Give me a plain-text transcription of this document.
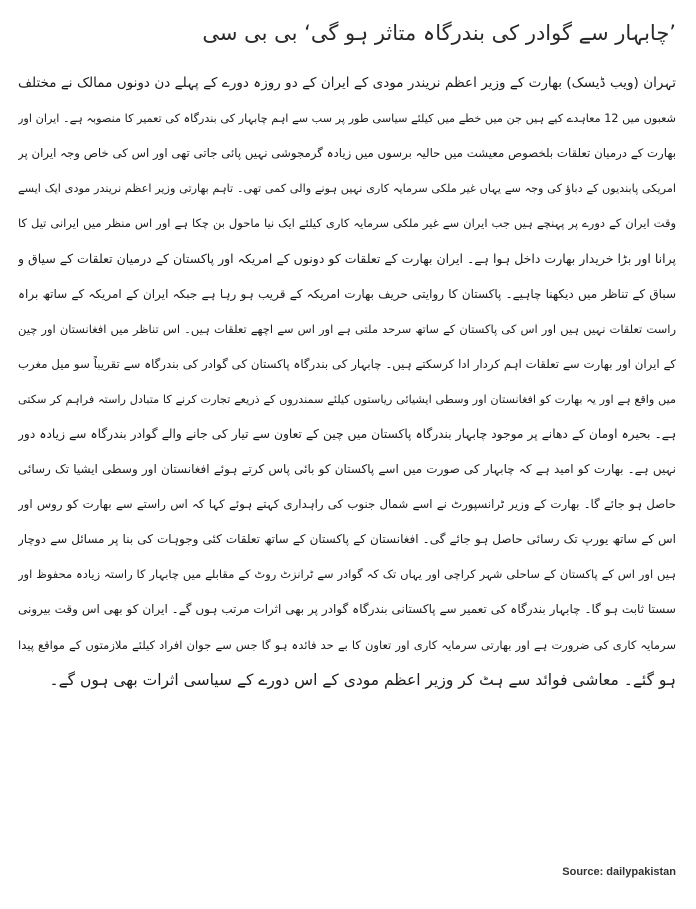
’چابہار سے گوادر کی بندرگاہ متاثر ہو گی‘ بی بی سی
تہران (ویب ڈیسک) بھارت کے وزیر اعظم نریندر مودی کے ایران کے دو روزہ دورے کے پہلے دن دونوں ممالک نے مختلف
شعبوں میں 12 معاہدے کیے ہیں جن میں خطے میں کیلئے سیاسی طور پر سب سے اہم چابہار کی بندرگاہ کی تعمیر کا منصوبہ ہے۔ ایران اور
بھارت کے درمیان تعلقات بلخصوص معیشت میں حالیہ برسوں میں زیادہ گرمجوشی نہیں پائی جاتی تھی اور اس کی خاص وجہ ایران پر
امریکی پابندیوں کے دباؤ کی وجہ سے یہاں غیر ملکی سرمایہ کاری نہیں ہونے والی کمی تھی۔ تاہم بھارتی وزیر اعظم نریندر مودی ایک ایسے
وقت ایران کے دورے پر پہنچے ہیں جب ایران سے غیر ملکی سرمایہ کاری کیلئے ایک نیا ماحول بن چکا ہے اور اس منظر میں ایرانی تیل کا
پرانا اور بڑا خریدار بھارت داخل ہوا ہے۔ ایران بھارت کے تعلقات کو دونوں کے امریکہ اور پاکستان کے درمیان تعلقات کے سیاق و
سباق کے تناظر میں دیکھنا چاہیے۔ پاکستان کا روایتی حریف بھارت امریکہ کے قریب ہو رہا ہے جبکہ ایران کے امریکہ کے ساتھ براہ
راست تعلقات نہیں ہیں اور اس کی پاکستان کے ساتھ سرحد ملتی ہے اور اس سے اچھے تعلقات ہیں۔ اس تناظر میں افغانستان اور چین
کے ایران اور بھارت سے تعلقات اہم کردار ادا کرسکتے ہیں۔ چابہار کی بندرگاہ پاکستان کی گوادر کی بندرگاہ سے تقریباً سو میل مغرب
میں واقع ہے اور یہ بھارت کو افغانستان اور وسطی ایشیائی ریاستوں کیلئے سمندروں کے ذریعے تجارت کرنے کا متبادل راستہ فراہم کر سکتی
ہے۔ بحیرہ اومان کے دھانے پر موجود چابہار بندرگاہ پاکستان میں چین کے تعاون سے تیار کی جانے والے گوادر بندرگاہ سے زیادہ دور
نہیں ہے۔ بھارت کو امید ہے کہ چابہار کی صورت میں اسے پاکستان کو بائی پاس کرتے ہوئے افغانستان اور وسطی ایشیا تک رسائی
حاصل ہو جائے گا۔ بھارت کے وزیر ٹرانسپورٹ نے اسے شمال جنوب کی راہداری کہتے ہوئے کہا کہ اس راستے سے بھارت کو روس اور
اس کے ساتھ یورپ تک رسائی حاصل ہو جائے گی۔ افغانستان کے پاکستان کے ساتھ تعلقات کئی وجوہات کی بنا پر مسائل سے دوچار
ہیں اور اس کے پاکستان کے ساحلی شہر کراچی اور یہاں تک کہ گوادر سے ٹرانزٹ روٹ کے مقابلے میں چابہار کا راستہ زیادہ محفوظ اور
سستا ثابت ہو گا۔ چابہار بندرگاہ کی تعمیر سے پاکستانی بندرگاہ گوادر پر بھی اثرات مرتب ہوں گے۔ ایران کو بھی اس وقت بیرونی
سرمایہ کاری کی ضرورت ہے اور بھارتی سرمایہ کاری اور تعاون کا بے حد فائدہ ہو گا جس سے جوان افراد کیلئے ملازمتوں کے مواقع پیدا
ہو گئے۔ معاشی فوائد سے ہٹ کر وزیر اعظم مودی کے اس دورے کے سیاسی اثرات بھی ہوں گے۔
Source: dailypakistan
